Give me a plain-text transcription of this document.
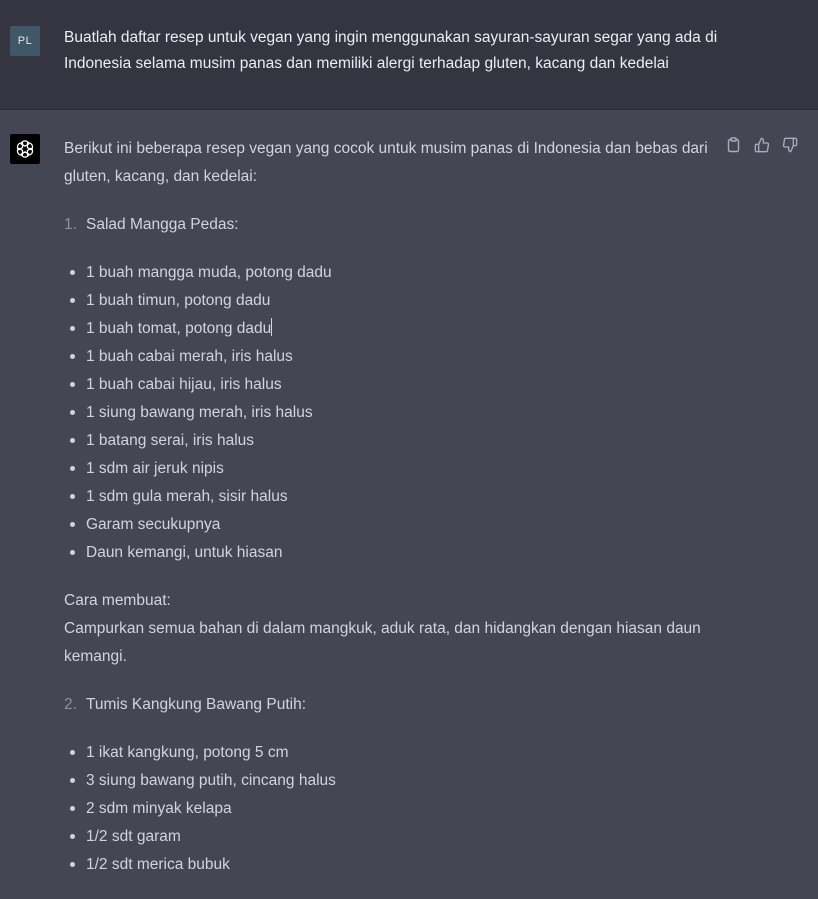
PL	Buatlah daftar resep untuk vegan yang ingin menggunakan sayuran-sayuran segar yang ada di Indonesia selama musim panas dan memiliki alergi terhadap gluten, kacang dan kedelai

Berikut ini beberapa resep vegan yang cocok untuk musim panas di Indonesia dan bebas dari gluten, kacang, dan kedelai:

1. Salad Mangga Pedas:
1 buah mangga muda, potong dadu
1 buah timun, potong dadu
1 buah tomat, potong dadu
1 buah cabai merah, iris halus
1 buah cabai hijau, iris halus
1 siung bawang merah, iris halus
1 batang serai, iris halus
1 sdm air jeruk nipis
1 sdm gula merah, sisir halus
Garam secukupnya
Daun kemangi, untuk hiasan

Cara membuat:

Campurkan semua bahan di dalam mangkuk, aduk rata, dan hidangkan dengan hiasan daun kemangi.

2. Tumis Kangkung Bawang Putih:
1 ikat kangkung, potong 5 cm
3 siung bawang putih, cincang halus
2 sdm minyak kelapa
1/2 sdt garam
1/2 sdt merica bubuk
